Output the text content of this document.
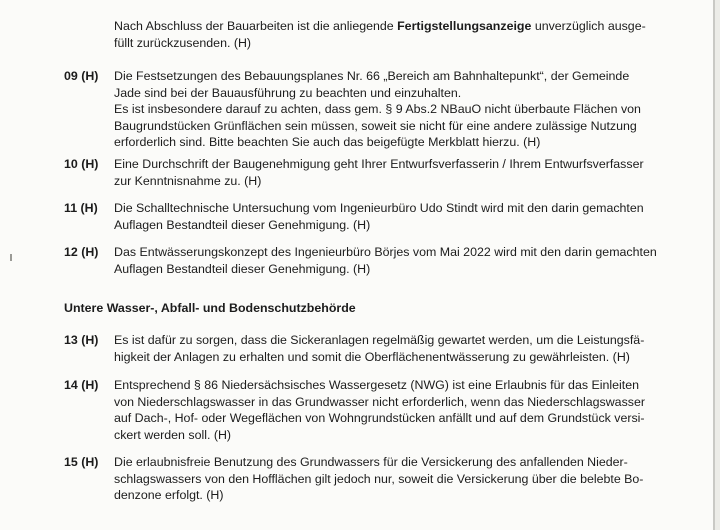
Nach Abschluss der Bauarbeiten ist die anliegende Fertigstellungsanzeige unverzüglich ausge-
füllt zurückzusenden. (H)
09 (H)	Die Festsetzungen des Bebauungsplanes Nr. 66 „Bereich am Bahnhaltepunkt“, der Gemeinde
Jade sind bei der Bauausführung zu beachten und einzuhalten.
Es ist insbesondere darauf zu achten, dass gem. § 9 Abs.2 NBauO nicht überbaute Flächen von
Baugrundstücken Grünflächen sein müssen, soweit sie nicht für eine andere zulässige Nutzung
erforderlich sind. Bitte beachten Sie auch das beigefügte Merkblatt hierzu. (H)
10 (H)	Eine Durchschrift der Baugenehmigung geht Ihrer Entwurfsverfasserin / Ihrem Entwurfsverfasser
zur Kenntnisnahme zu. (H)
11 (H)	Die Schalltechnische Untersuchung vom Ingenieurbüro Udo Stindt wird mit den darin gemachten
Auflagen Bestandteil dieser Genehmigung. (H)
12 (H)	Das Entwässerungskonzept des Ingenieurbüro Börjes vom Mai 2022 wird mit den darin gemachten
Auflagen Bestandteil dieser Genehmigung. (H)
Untere Wasser-, Abfall- und Bodenschutzbehörde
13 (H)	Es ist dafür zu sorgen, dass die Sickeranlagen regelmäßig gewartet werden, um die Leistungsfä-
higkeit der Anlagen zu erhalten und somit die Oberflächenentwässerung zu gewährleisten. (H)
14 (H)	Entsprechend § 86 Niedersächsisches Wassergesetz (NWG) ist eine Erlaubnis für das Einleiten
von Niederschlagswasser in das Grundwasser nicht erforderlich, wenn das Niederschlagswasser
auf Dach-, Hof- oder Wegeflächen von Wohngrundstücken anfällt und auf dem Grundstück versi-
ckert werden soll. (H)
15 (H)	Die erlaubnisfreie Benutzung des Grundwassers für die Versickerung des anfallenden Nieder-
schlagswassers von den Hofflächen gilt jedoch nur, soweit die Versickerung über die belebte Bo-
denzone erfolgt. (H)
